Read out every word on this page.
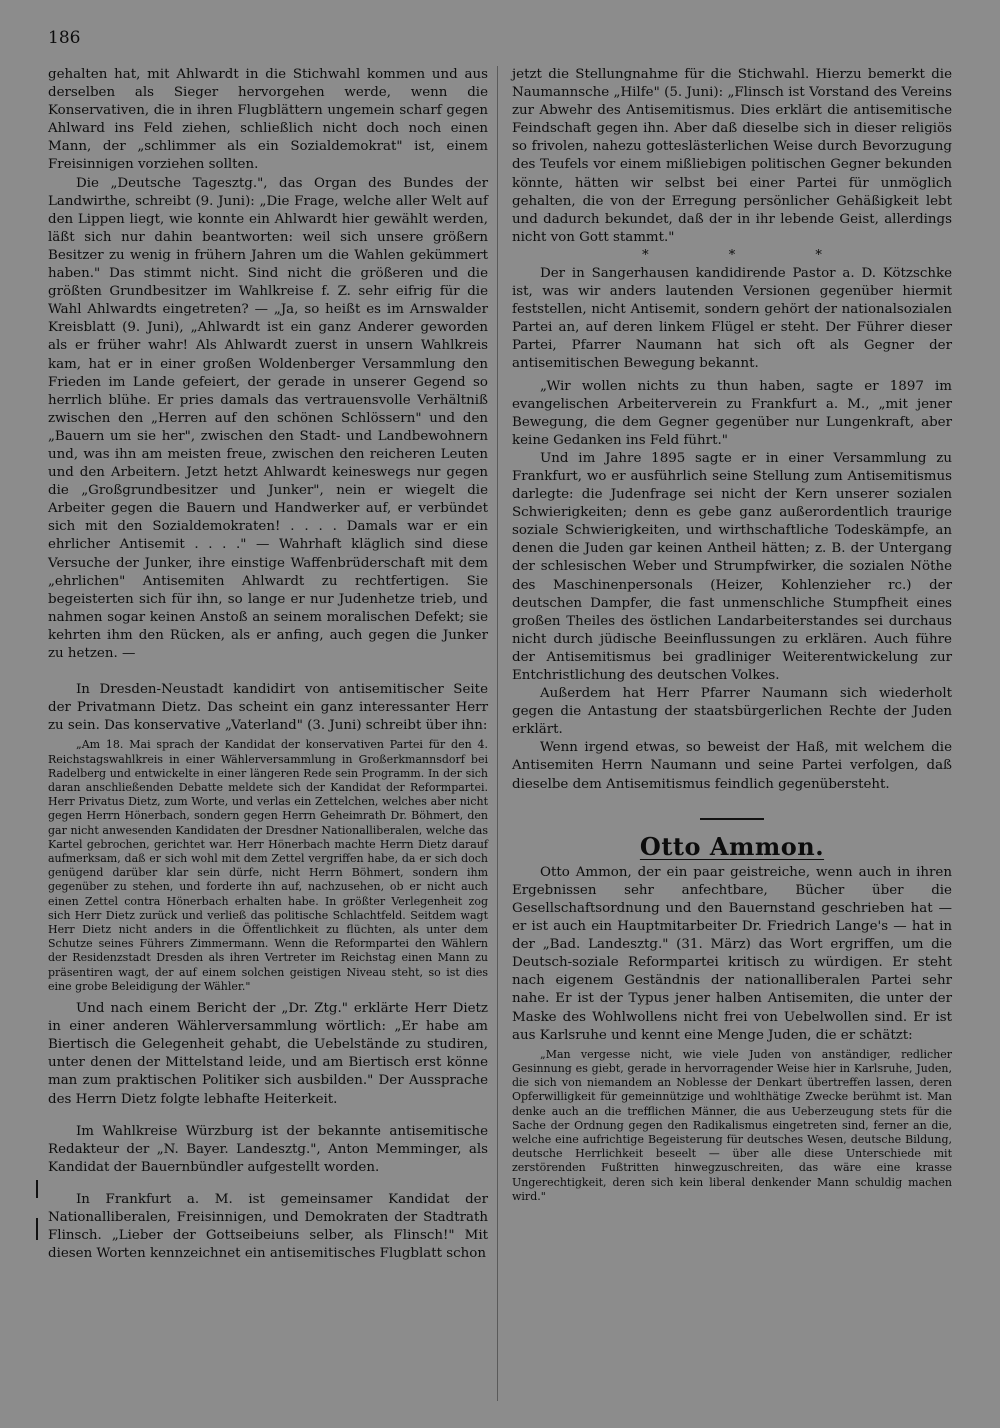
186

gehalten hat, mit Ahlwardt in die Stichwahl kommen und aus derselben als Sieger hervorgehen werde, wenn die Konservativen, die in ihren Flugblättern ungemein scharf gegen Ahlward ins Feld ziehen, schließlich nicht doch noch einen Mann, der „schlimmer als ein Sozialdemokrat" ist, einem Freisinnigen vorziehen sollten.

Die „Deutsche Tagesztg.", das Organ des Bundes der Landwirthe, schreibt (9. Juni): „Die Frage, welche aller Welt auf den Lippen liegt, wie konnte ein Ahlwardt hier gewählt werden, läßt sich nur dahin beantworten: weil sich unsere größern Besitzer zu wenig in frühern Jahren um die Wahlen gekümmert haben." Das stimmt nicht. Sind nicht die größeren und die größten Grundbesitzer im Wahlkreise f. Z. sehr eifrig für die Wahl Ahlwardts eingetreten? — „Ja, so heißt es im Arnswalder Kreisblatt (9. Juni), „Ahlwardt ist ein ganz Anderer geworden als er früher wahr! Als Ahlwardt zuerst in unsern Wahlkreis kam, hat er in einer großen Woldenberger Versammlung den Frieden im Lande gefeiert, der gerade in unserer Gegend so herrlich blühe. Er pries damals das vertrauensvolle Verhältniß zwischen den „Herren auf den schönen Schlössern" und den „Bauern um sie her", zwischen den Stadt- und Landbewohnern und, was ihn am meisten freue, zwischen den reicheren Leuten und den Arbeitern. Jetzt hetzt Ahlwardt keineswegs nur gegen die „Großgrundbesitzer und Junker", nein er wiegelt die Arbeiter gegen die Bauern und Handwerker auf, er verbündet sich mit den Sozialdemokraten! . . . . Damals war er ein ehrlicher Antisemit . . . ." — Wahrhaft kläglich sind diese Versuche der Junker, ihre einstige Waffenbrüderschaft mit dem „ehrlichen" Antisemiten Ahlwardt zu rechtfertigen. Sie begeisterten sich für ihn, so lange er nur Judenhetze trieb, und nahmen sogar keinen Anstoß an seinem moralischen Defekt; sie kehrten ihm den Rücken, als er anfing, auch gegen die Junker zu hetzen. —

In Dresden-Neustadt kandidirt von antisemitischer Seite der Privatmann Dietz. Das scheint ein ganz interessanter Herr zu sein. Das konservative „Vaterland" (3. Juni) schreibt über ihn:

„Am 18. Mai sprach der Kandidat der konservativen Partei für den 4. Reichstagswahlkreis in einer Wählerversammlung in Großerkmannsdorf bei Radelberg und entwickelte in einer längeren Rede sein Programm. In der sich daran anschließenden Debatte meldete sich der Kandidat der Reformpartei. Herr Privatus Dietz, zum Worte, und verlas ein Zettelchen, welches aber nicht gegen Herrn Hönerbach, sondern gegen Herrn Geheimrath Dr. Böhmert, den gar nicht anwesenden Kandidaten der Dresdner Nationalliberalen, welche das Kartel gebrochen, gerichtet war. Herr Hönerbach machte Herrn Dietz darauf aufmerksam, daß er sich wohl mit dem Zettel vergriffen habe, da er sich doch genügend darüber klar sein dürfe, nicht Herrn Böhmert, sondern ihm gegenüber zu stehen, und forderte ihn auf, nachzusehen, ob er nicht auch einen Zettel contra Hönerbach erhalten habe. In größter Verlegenheit zog sich Herr Dietz zurück und verließ das politische Schlachtfeld. Seitdem wagt Herr Dietz nicht anders in die Öffentlichkeit zu flüchten, als unter dem Schutze seines Führers Zimmermann. Wenn die Reformpartei den Wählern der Residenzstadt Dresden als ihren Vertreter im Reichstag einen Mann zu präsentiren wagt, der auf einem solchen geistigen Niveau steht, so ist dies eine grobe Beleidigung der Wähler."

Und nach einem Bericht der „Dr. Ztg." erklärte Herr Dietz in einer anderen Wählerversammlung wörtlich: „Er habe am Biertisch die Gelegenheit gehabt, die Uebelstände zu studiren, unter denen der Mittelstand leide, und am Biertisch erst könne man zum praktischen Politiker sich ausbilden." Der Aussprache des Herrn Dietz folgte lebhafte Heiterkeit.

Im Wahlkreise Würzburg ist der bekannte antisemitische Redakteur der „N. Bayer. Landesztg.", Anton Memminger, als Kandidat der Bauernbündler aufgestellt worden.

In Frankfurt a. M. ist gemeinsamer Kandidat der Nationalliberalen, Freisinnigen, und Demokraten der Stadtrath Flinsch. „Lieber der Gottseibeiuns selber, als Flinsch!" Mit diesen Worten kennzeichnet ein antisemitisches Flugblatt schon

jetzt die Stellungnahme für die Stichwahl. Hierzu bemerkt die Naumannsche „Hilfe" (5. Juni): „Flinsch ist Vorstand des Vereins zur Abwehr des Antisemitismus. Dies erklärt die antisemitische Feindschaft gegen ihn. Aber daß dieselbe sich in dieser religiös so frivolen, nahezu gotteslästerlichen Weise durch Bevorzugung des Teufels vor einem mißliebigen politischen Gegner bekunden könnte, hätten wir selbst bei einer Partei für unmöglich gehalten, die von der Erregung persönlicher Gehäßigkeit lebt und dadurch bekundet, daß der in ihr lebende Geist, allerdings nicht von Gott stammt."

*	*	*

Der in Sangerhausen kandidirende Pastor a. D. Kötzschke ist, was wir anders lautenden Versionen gegenüber hiermit feststellen, nicht Antisemit, sondern gehört der nationalsozialen Partei an, auf deren linkem Flügel er steht. Der Führer dieser Partei, Pfarrer Naumann hat sich oft als Gegner der antisemitischen Bewegung bekannt.

„Wir wollen nichts zu thun haben, sagte er 1897 im evangelischen Arbeiterverein zu Frankfurt a. M., „mit jener Bewegung, die dem Gegner gegenüber nur Lungenkraft, aber keine Gedanken ins Feld führt."

Und im Jahre 1895 sagte er in einer Versammlung zu Frankfurt, wo er ausführlich seine Stellung zum Antisemitismus darlegte: die Judenfrage sei nicht der Kern unserer sozialen Schwierigkeiten; denn es gebe ganz außerordentlich traurige soziale Schwierigkeiten, und wirthschaftliche Todeskämpfe, an denen die Juden gar keinen Antheil hätten; z. B. der Untergang der schlesischen Weber und Strumpfwirker, die sozialen Nöthe des Maschinenpersonals (Heizer, Kohlenzieher rc.) der deutschen Dampfer, die fast unmenschliche Stumpfheit eines großen Theiles des östlichen Landarbeiterstandes sei durchaus nicht durch jüdische Beeinflussungen zu erklären. Auch führe der Antisemitismus bei gradliniger Weiterentwickelung zur Entchristlichung des deutschen Volkes.

Außerdem hat Herr Pfarrer Naumann sich wiederholt gegen die Antastung der staatsbürgerlichen Rechte der Juden erklärt.

Wenn irgend etwas, so beweist der Haß, mit welchem die Antisemiten Herrn Naumann und seine Partei verfolgen, daß dieselbe dem Antisemitismus feindlich gegenübersteht.

Otto Ammon.

Otto Ammon, der ein paar geistreiche, wenn auch in ihren Ergebnissen sehr anfechtbare, Bücher über die Gesellschaftsordnung und den Bauernstand geschrieben hat — er ist auch ein Hauptmitarbeiter Dr. Friedrich Lange's — hat in der „Bad. Landesztg." (31. März) das Wort ergriffen, um die Deutsch-soziale Reformpartei kritisch zu würdigen. Er steht nach eigenem Geständnis der nationalliberalen Partei sehr nahe. Er ist der Typus jener halben Antisemiten, die unter der Maske des Wohlwollens nicht frei von Uebelwollen sind. Er ist aus Karlsruhe und kennt eine Menge Juden, die er schätzt:

„Man vergesse nicht, wie viele Juden von anständiger, redlicher Gesinnung es giebt, gerade in hervorragender Weise hier in Karlsruhe, Juden, die sich von niemandem an Noblesse der Denkart übertreffen lassen, deren Opferwilligkeit für gemeinnützige und wohlthätige Zwecke berühmt ist. Man denke auch an die trefflichen Männer, die aus Ueberzeugung stets für die Sache der Ordnung gegen den Radikalismus eingetreten sind, ferner an die, welche eine aufrichtige Begeisterung für deutsches Wesen, deutsche Bildung, deutsche Herrlichkeit beseelt — über alle diese Unterschiede mit zerstörenden Fußtritten hinwegzuschreiten, das wäre eine krasse Ungerechtigkeit, deren sich kein liberal denkender Mann schuldig machen wird."
